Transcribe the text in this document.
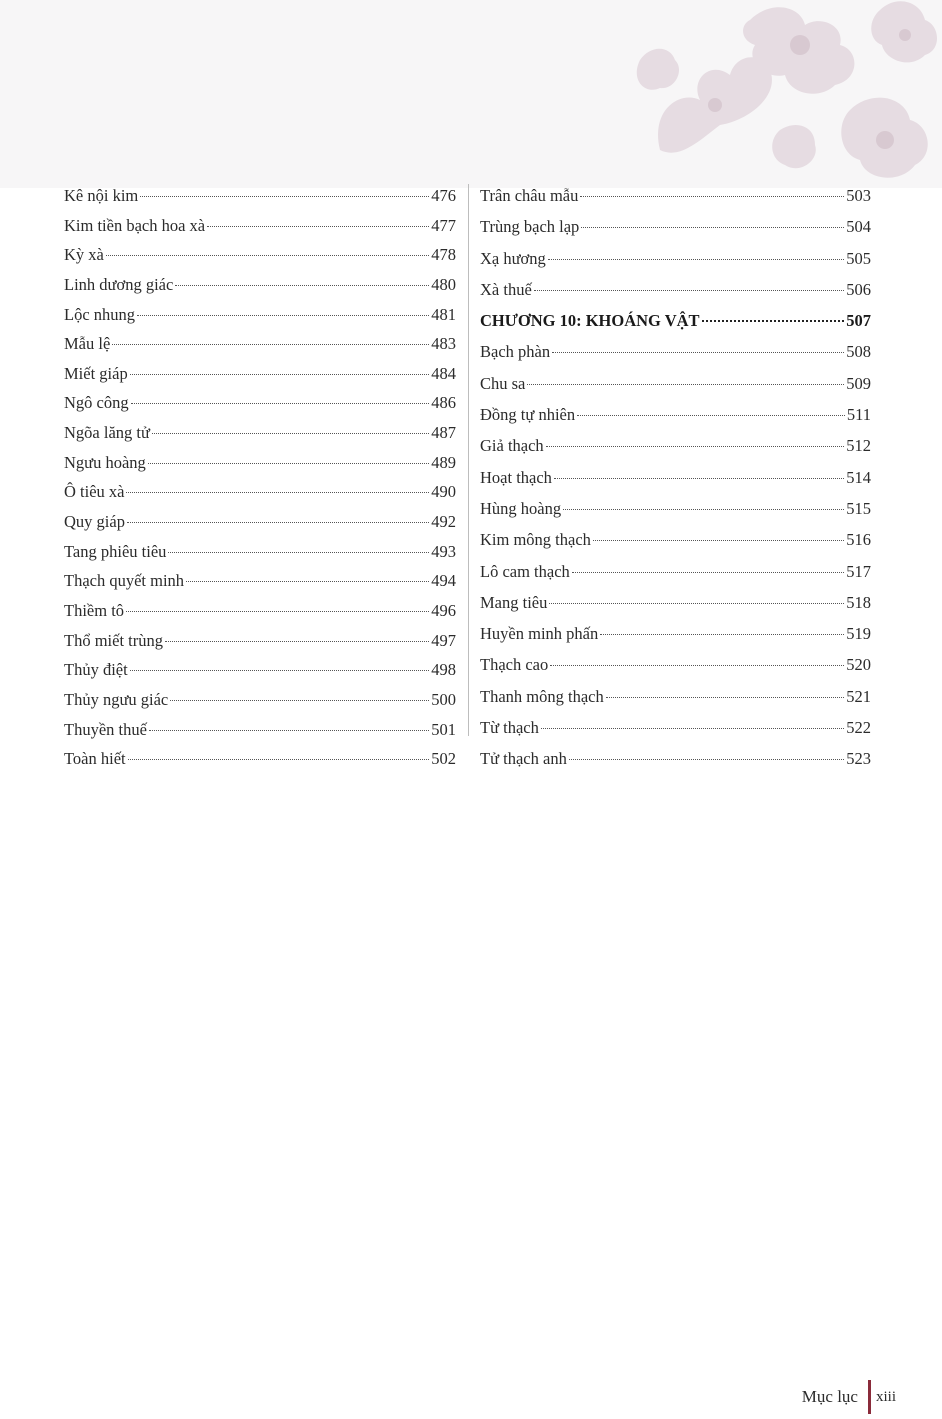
Kê nội kim	476
Kim tiền bạch hoa xà	477
Kỳ xà	478
Linh dương giác	480
Lộc nhung	481
Mẫu lệ	483
Miết giáp	484
Ngô công	486
Ngõa lăng tử	487
Ngưu hoàng	489
Ô tiêu xà	490
Quy giáp	492
Tang phiêu tiêu	493
Thạch quyết minh	494
Thiềm tô	496
Thổ miết trùng	497
Thủy điệt	498
Thủy ngưu giác	500
Thuyền thuế	501
Toàn hiết	502
Trân châu mẫu	503
Trùng bạch lạp	504
Xạ hương	505
Xà thuế	506
CHƯƠNG 10: KHOÁNG VẬT	507
Bạch phàn	508
Chu sa	509
Đồng tự nhiên	511
Giả thạch	512
Hoạt thạch	514
Hùng hoàng	515
Kim mông thạch	516
Lô cam thạch	517
Mang tiêu	518
Huyền minh phấn	519
Thạch cao	520
Thanh mông thạch	521
Từ thạch	522
Tử thạch anh	523
Mục lục xiii
